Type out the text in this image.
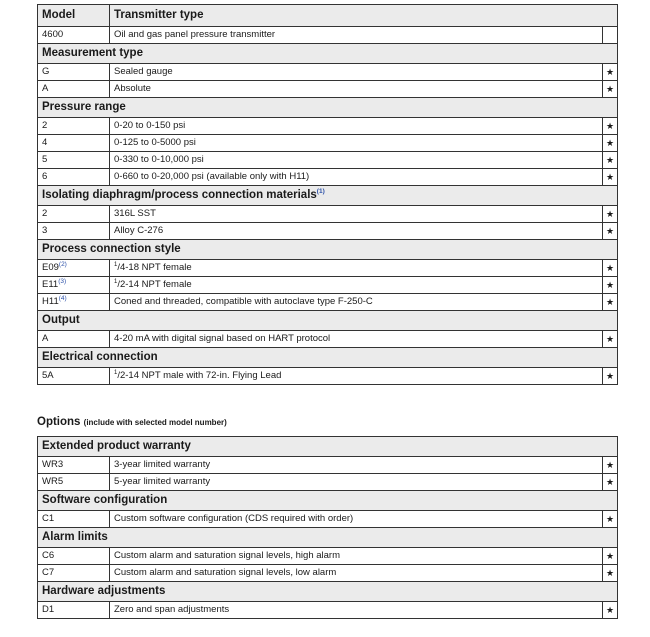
Model	Transmitter type	
4600	Oil and gas panel pressure transmitter	
Measurement type		
G	Sealed gauge	★
A	Absolute	★
Pressure range		
2	0-20 to 0-150 psi	★
4	0-125 to 0-5000 psi	★
5	0-330 to 0-10,000 psi	★
6	0-660 to 0-20,000 psi (available only with H11)	★
Isolating diaphragm/process connection materials$^{(1)}$
2	316L SST	★
3	Alloy C-276	★
Process connection style		
E09$^{(2)}$	$^1$/4-18 NPT female	★
E11$^{(3)}$	$^1$/2-14 NPT female	★
H11$^{(4)}$	Coned and threaded, compatible with autoclave type F-250-C	★
Output		
A	4-20 mA with digital signal based on HART protocol	★
Electrical connection		
5A	$^1$/2-14 NPT male with 72-in. Flying Lead	★
Options (include with selected model number)
Extended product warranty		
WR3	3-year limited warranty	★
WR5	5-year limited warranty	★
Software configuration		
C1	Custom software configuration (CDS required with order)	★
Alarm limits		
C6	Custom alarm and saturation signal levels, high alarm	★
C7	Custom alarm and saturation signal levels, low alarm	★
Hardware adjustments		
D1	Zero and span adjustments	★
